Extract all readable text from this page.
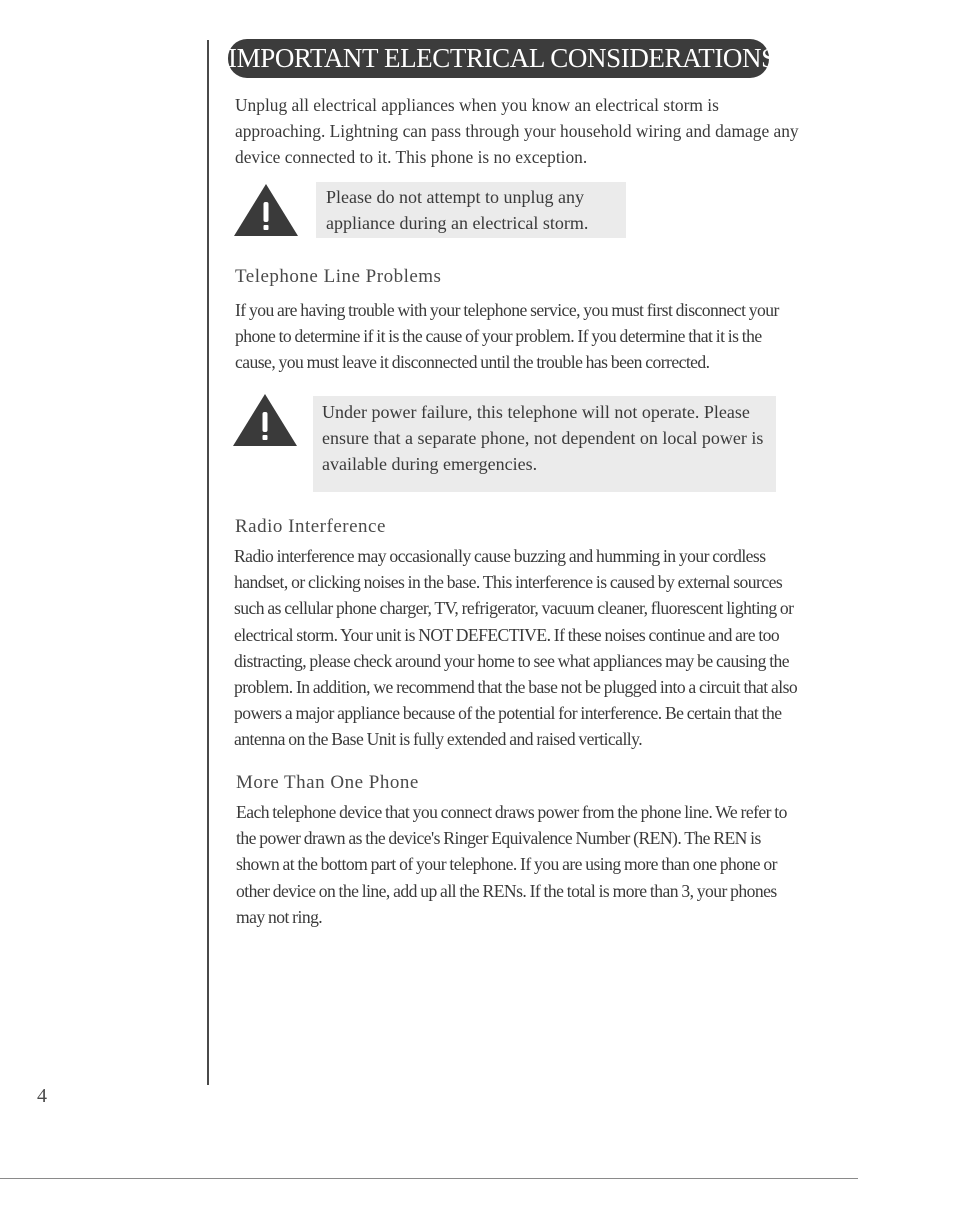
IMPORTANT ELECTRICAL CONSIDERATIONS
Unplug all electrical appliances when you know an electrical storm is approaching. Lightning can pass through your household wiring and damage any device connected to it. This phone is no exception.
Please do not attempt to unplug any appliance during an electrical storm.
Telephone Line Problems
If you are having trouble with your telephone service, you must first disconnect your phone to determine if it is the cause of your problem. If you determine that it is the cause, you must leave it disconnected until the trouble has been corrected.
Under power failure, this telephone will not operate. Please ensure that a separate phone, not dependent on local power is available during emergencies.
Radio Interference
Radio interference may occasionally cause buzzing and humming in your cordless handset, or clicking noises in the base. This interference is caused by external sources such as cellular phone charger, TV, refrigerator, vacuum cleaner, fluorescent lighting or electrical storm. Your unit is NOT DEFECTIVE. If these noises continue and are too distracting, please check around your home to see what appliances may be causing the problem. In addition, we recommend that the base not be plugged into a circuit that also powers a major appliance because of the potential for interference. Be certain that the antenna on the Base Unit is fully extended and raised vertically.
More Than One Phone
Each telephone device that you connect draws power from the phone line. We refer to the power drawn as the device's Ringer Equivalence Number (REN). The REN is shown at the bottom part of your telephone. If you are using more than one phone or other device on the line, add up all the RENs. If the total is more than 3, your phones may not ring.
4
